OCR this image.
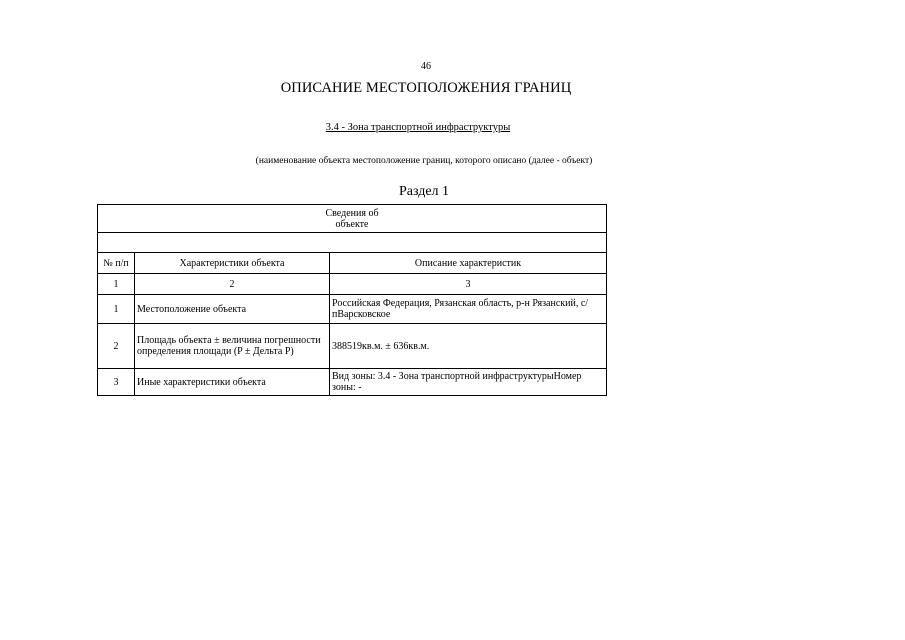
46
ОПИСАНИЕ МЕСТОПОЛОЖЕНИЯ ГРАНИЦ
3.4 - Зона транспортной инфраструктуры
(наименование объекта местоположение границ, которого описано (далее - объект)
Раздел 1
Сведения об объекте		

№ п/п	Характеристики объекта	Описание характеристик
1	2	3
1	Местоположение объекта	Российская Федерация, Рязанская область, р-н Рязанский, с/пВарсковское
2	Площадь объекта ± величина погрешности определения площади (P ± Дельта P)	388519кв.м. ± 636кв.м.
3	Иные характеристики объекта	Вид зоны: 3.4 - Зона транспортной инфраструктурыНомер зоны: -
